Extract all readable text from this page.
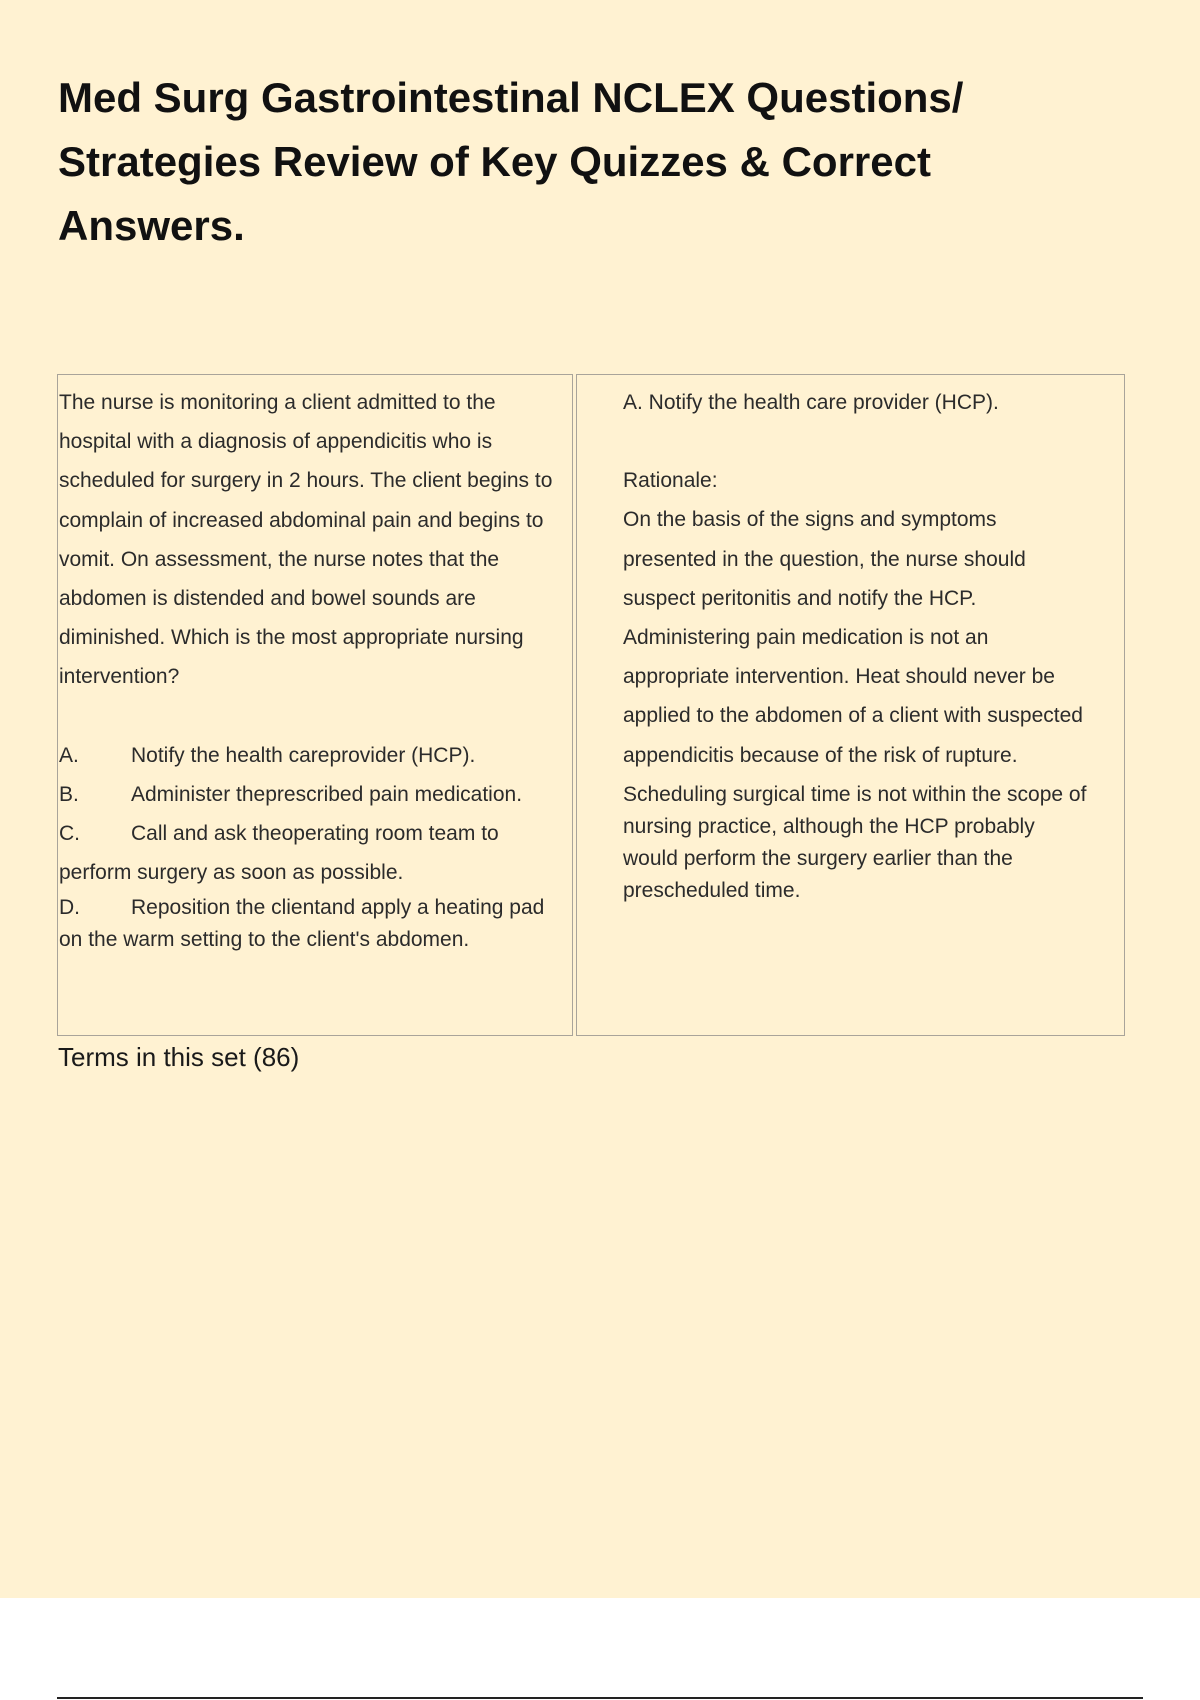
Med Surg Gastrointestinal NCLEX Questions/ Strategies Review of Key Quizzes & Correct Answers.
The nurse is monitoring a client admitted to the hospital with a diagnosis of appendicitis who is scheduled for surgery in 2 hours. The client begins to complain of increased abdominal pain and begins to vomit. On assessment, the nurse notes that the abdomen is distended and bowel sounds are diminished. Which is the most appropriate nursing intervention?
A. Notify the health careprovider (HCP).
B. Administer theprescribed pain medication.
C. Call and ask theoperating room team to perform surgery as soon as possible.
D. Reposition the clientand apply a heating pad on the warm setting to the client's abdomen.
A. Notify the health care provider (HCP).
Rationale:
On the basis of the signs and symptoms presented in the question, the nurse should suspect peritonitis and notify the HCP. Administering pain medication is not an appropriate intervention. Heat should never be applied to the abdomen of a client with suspected appendicitis because of the risk of rupture.
Scheduling surgical time is not within the scope of nursing practice, although the HCP probably would perform the surgery earlier than the prescheduled time.

Terms in this set (86)
